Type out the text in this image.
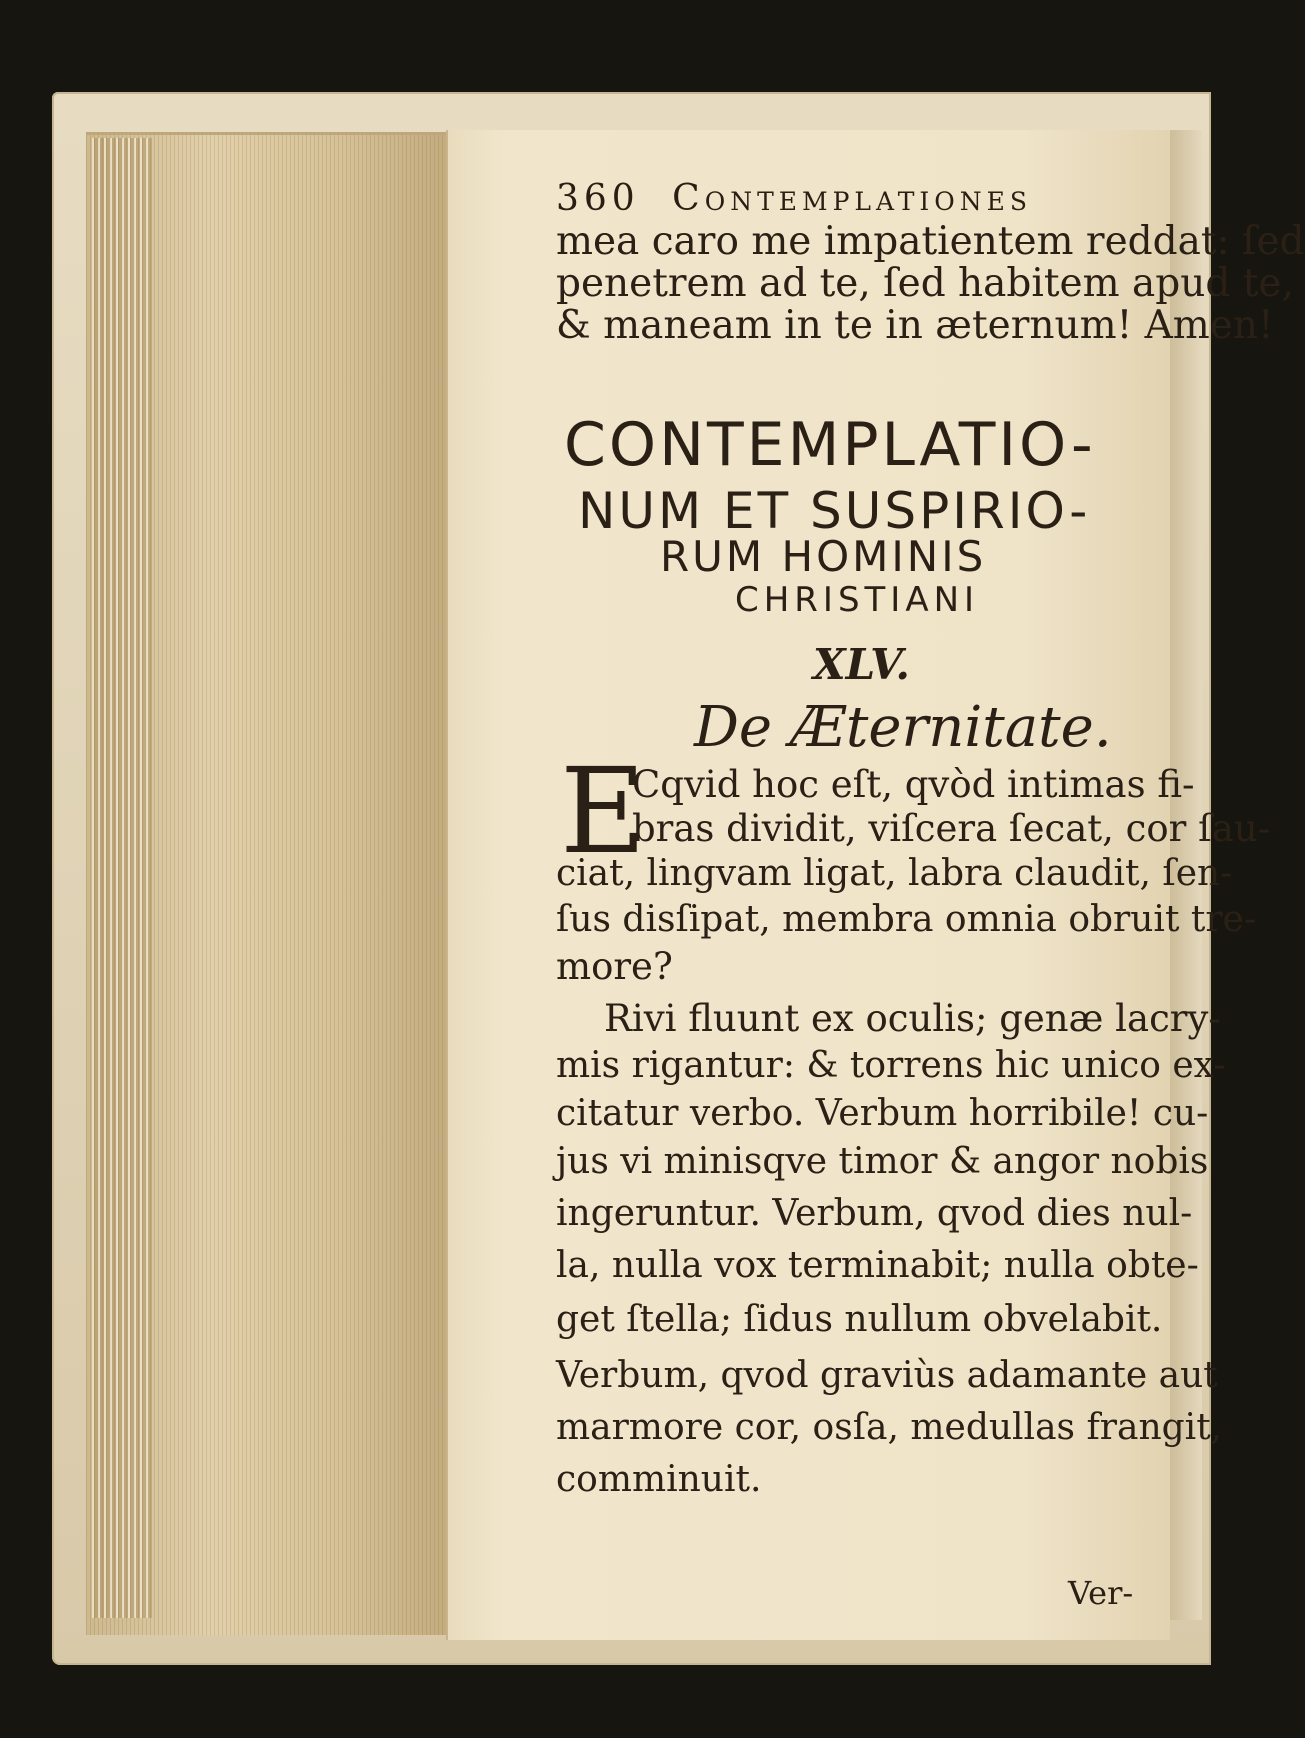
360 Contemplationes
mea caro me impatientem reddat: ſed
penetrem ad te, ſed habitem apud te,
& maneam in te in æternum! Amen!
CONTEMPLATIO-
NUM ET SUSPIRIO-
RUM HOMINIS
CHRISTIANI
XLV.
De Æternitate.
E
Cqvid hoc eſt, qvòd intimas fi-
bras dividit, viſcera ſecat, cor ſau-
ciat, lingvam ligat, labra claudit, ſen-
ſus disſipat, membra omnia obruit tre-
more?
Rivi fluunt ex oculis; genæ lacry-
mis rigantur: & torrens hic unico ex-
citatur verbo. Verbum horribile! cu-
jus vi minisqve timor & angor nobis
ingeruntur. Verbum, qvod dies nul-
la, nulla vox terminabit; nulla obte-
get ſtella; ſidus nullum obvelabit.
Verbum, qvod graviùs adamante aut
marmore cor, osſa, medullas frangit,
comminuit.
Ver-
